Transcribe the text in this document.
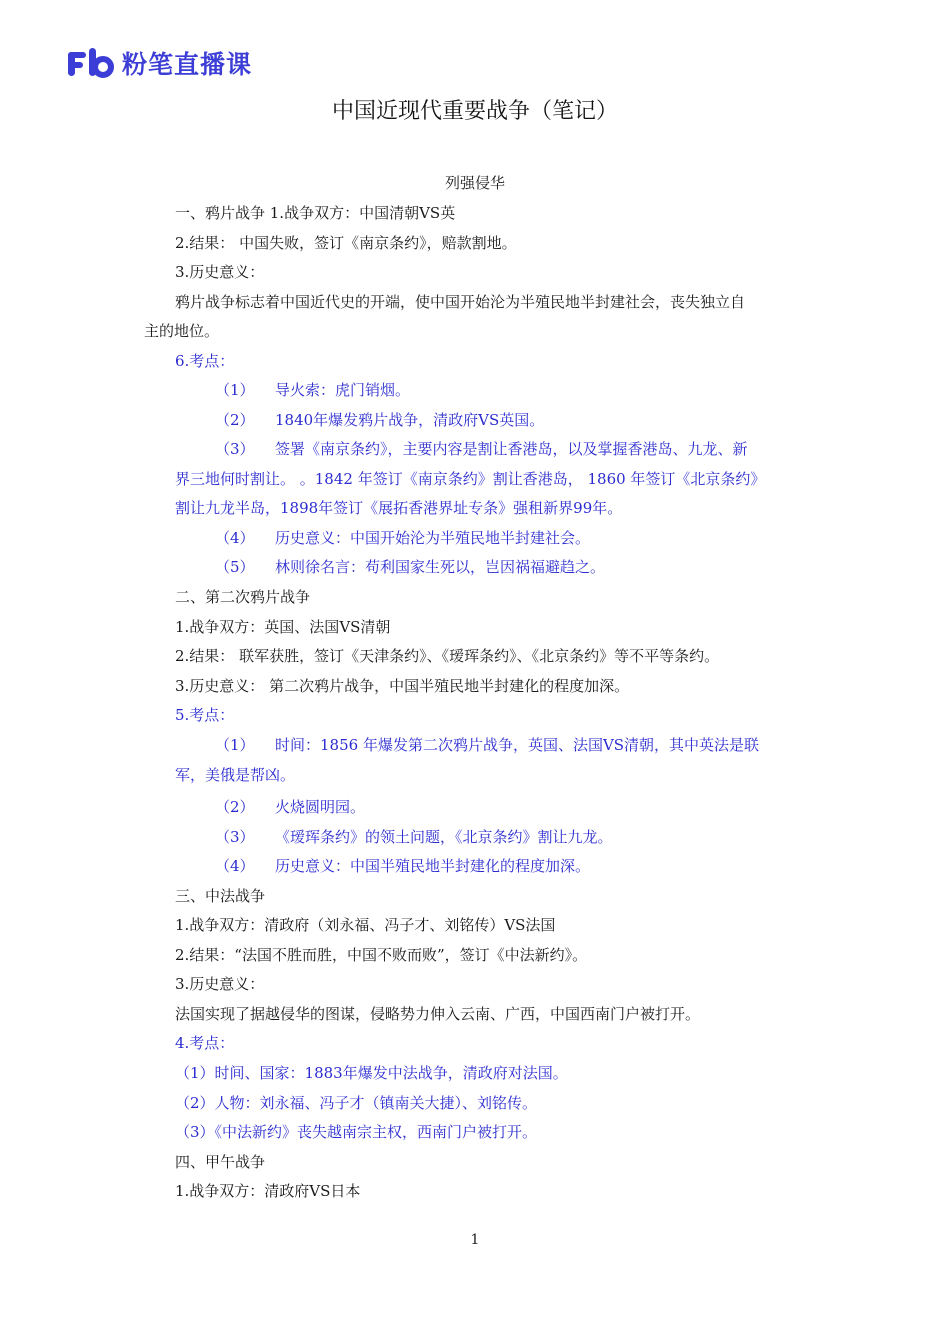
粉笔直播课
中国近现代重要战争（笔记）
列强侵华
一、鸦片战争 1.战争双方：中国清朝VS英
2.结果： 中国失败，签订《南京条约》，赔款割地。
3.历史意义：
鸦片战争标志着中国近代史的开端，使中国开始沦为半殖民地半封建社会，丧失独立自
主的地位。
6.考点：
（1） 导火索：虎门销烟。
（2） 1840年爆发鸦片战争，清政府VS英国。
（3） 签署《南京条约》，主要内容是割让香港岛，以及掌握香港岛、九龙、新
界三地何时割让。 。1842 年签订《南京条约》割让香港岛， 1860 年签订《北京条约》
割让九龙半岛，1898年签订《展拓香港界址专条》强租新界99年。
（4） 历史意义：中国开始沦为半殖民地半封建社会。
（5） 林则徐名言：苟利国家生死以，岂因祸福避趋之。
二、第二次鸦片战争
1.战争双方：英国、法国VS清朝
2.结果： 联军获胜，签订《天津条约》、《瑷珲条约》、《北京条约》等不平等条约。
3.历史意义： 第二次鸦片战争，中国半殖民地半封建化的程度加深。
5.考点：
（1） 时间：1856 年爆发第二次鸦片战争，英国、法国VS清朝，其中英法是联
军，美俄是帮凶。
（2） 火烧圆明园。
（3） 《瑷珲条约》的领土问题，《北京条约》割让九龙。
（4） 历史意义：中国半殖民地半封建化的程度加深。
三、中法战争
1.战争双方：清政府（刘永福、冯子才、刘铭传）VS法国
2.结果：“法国不胜而胜，中国不败而败”，签订《中法新约》。
3.历史意义：
法国实现了据越侵华的图谋，侵略势力伸入云南、广西，中国西南门户被打开。
4.考点：
（1）时间、国家：1883年爆发中法战争，清政府对法国。
（2）人物：刘永福、冯子才（镇南关大捷）、刘铭传。
（3）《中法新约》丧失越南宗主权，西南门户被打开。
四、甲午战争
1.战争双方：清政府VS日本
1
